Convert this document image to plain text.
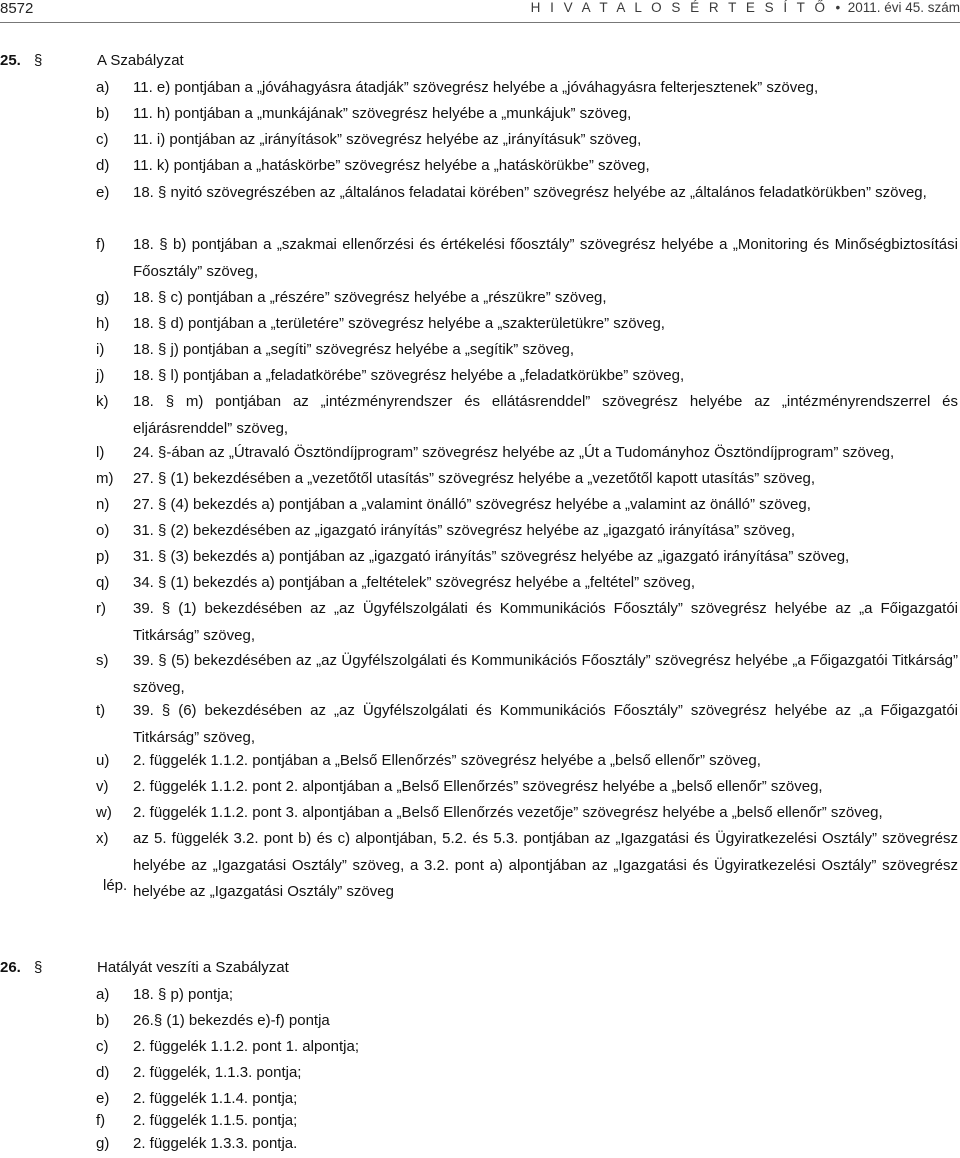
8572	H I V A T A L O S É R T E S Í T Ő  •  2011. évi 45. szám
25. §	A Szabályzat
a) 11. e) pontjában a „jóváhagyásra átadják” szövegrész helyébe a „jóváhagyásra felterjesztenek” szöveg,
b) 11. h) pontjában a „munkájának” szövegrész helyébe a „munkájuk” szöveg,
c) 11. i) pontjában az „irányítások” szövegrész helyébe az „irányításuk” szöveg,
d) 11. k) pontjában a „hatáskörbe” szövegrész helyébe a „hatáskörükbe” szöveg,
e) 18. § nyitó szövegrészében az „általános feladatai körében” szövegrész helyébe az „általános feladatkörükben” szöveg,
f) 18. § b) pontjában a „szakmai ellenőrzési és értékelési főosztály” szövegrész helyébe a „Monitoring és Minőségbiztosítási Főosztály” szöveg,
g) 18. § c) pontjában a „részére” szövegrész helyébe a „részükre” szöveg,
h) 18. § d) pontjában a „területére” szövegrész helyébe a „szakterületükre” szöveg,
i) 18. § j) pontjában a „segíti” szövegrész helyébe a „segítik” szöveg,
j) 18. § l) pontjában a „feladatkörébe” szövegrész helyébe a „feladatkörükbe” szöveg,
k) 18. § m) pontjában az „intézményrendszer és ellátásrenddel” szövegrész helyébe az „intézményrendszerrel és eljárásrenddel” szöveg,
l) 24. §-ában az „Útravaló Ösztöndíjprogram” szövegrész helyébe az „Út a Tudományhoz Ösztöndíjprogram” szöveg,
m) 27. § (1) bekezdésében a „vezetőtől utasítás” szövegrész helyébe a „vezetőtől kapott utasítás” szöveg,
n) 27. § (4) bekezdés a) pontjában a „valamint önálló” szövegrész helyébe a „valamint az önálló” szöveg,
o) 31. § (2) bekezdésében az „igazgató irányítás” szövegrész helyébe az „igazgató irányítása” szöveg,
p) 31. § (3) bekezdés a) pontjában az „igazgató irányítás” szövegrész helyébe az „igazgató irányítása” szöveg,
q) 34. § (1) bekezdés a) pontjában a „feltételek” szövegrész helyébe a „feltétel” szöveg,
r) 39. § (1) bekezdésében az „az Ügyfélszolgálati és Kommunikációs Főosztály” szövegrész helyébe az „a Főigazgatói Titkárság” szöveg,
s) 39. § (5) bekezdésében az „az Ügyfélszolgálati és Kommunikációs Főosztály” szövegrész helyébe „a Főigazgatói Titkárság” szöveg,
t) 39. § (6) bekezdésében az „az Ügyfélszolgálati és Kommunikációs Főosztály” szövegrész helyébe az „a Főigazgatói Titkárság” szöveg,
u) 2. függelék 1.1.2. pontjában a „Belső Ellenőrzés” szövegrész helyébe a „belső ellenőr” szöveg,
v) 2. függelék 1.1.2. pont 2. alpontjában a „Belső Ellenőrzés” szövegrész helyébe a „belső ellenőr” szöveg,
w) 2. függelék 1.1.2. pont 3. alpontjában a „Belső Ellenőrzés vezetője” szövegrész helyébe a „belső ellenőr” szöveg,
x) az 5. függelék 3.2. pont b) és c) alpontjában, 5.2. és 5.3. pontjában az „Igazgatási és Ügyiratkezelési Osztály” szövegrész helyébe az „Igazgatási Osztály” szöveg, a 3.2. pont a) alpontjában az „Igazgatási és Ügyiratkezelési Osztály” szövegrész helyébe az „Igazgatási Osztály” szöveg
lép.
26. §	Hatályát veszíti a Szabályzat
a) 18. § p) pontja;
b) 26.§ (1) bekezdés e)-f) pontja
c) 2. függelék 1.1.2. pont 1. alpontja;
d) 2. függelék, 1.1.3. pontja;
e) 2. függelék 1.1.4. pontja;
f) 2. függelék 1.1.5. pontja;
g) 2. függelék 1.3.3. pontja.
